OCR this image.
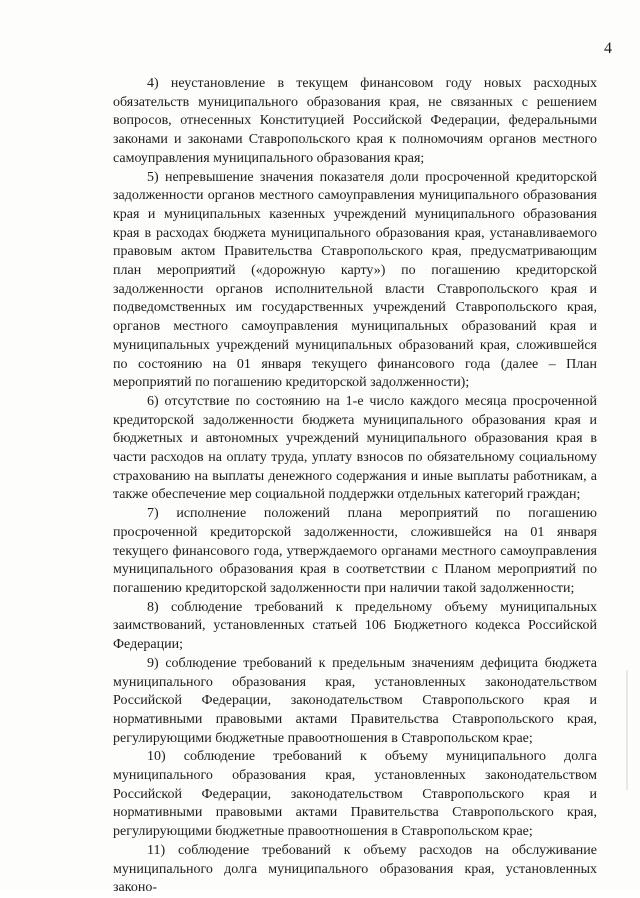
4

4) неустановление в текущем финансовом году новых расходных обязательств муниципального образования края, не связанных с решением вопросов, отнесенных Конституцией Российской Федерации, федеральными законами и законами Ставропольского края к полномочиям органов местного самоуправления муниципального образования края;

5) непревышение значения показателя доли просроченной кредиторской задолженности органов местного самоуправления муниципального образования края и муниципальных казенных учреждений муниципального образования края в расходах бюджета муниципального образования края, устанавливаемого правовым актом Правительства Ставропольского края, предусматривающим план мероприятий («дорожную карту») по погашению кредиторской задолженности органов исполнительной власти Ставропольского края и подведомственных им государственных учреждений Ставропольского края, органов местного самоуправления муниципальных образований края и муниципальных учреждений муниципальных образований края, сложившейся по состоянию на 01 января текущего финансового года (далее – План мероприятий по погашению кредиторской задолженности);

6) отсутствие по состоянию на 1-е число каждого месяца просроченной кредиторской задолженности бюджета муниципального образования края и бюджетных и автономных учреждений муниципального образования края в части расходов на оплату труда, уплату взносов по обязательному социальному страхованию на выплаты денежного содержания и иные выплаты работникам, а также обеспечение мер социальной поддержки отдельных категорий граждан;

7) исполнение положений плана мероприятий по погашению просроченной кредиторской задолженности, сложившейся на 01 января текущего финансового года, утверждаемого органами местного самоуправления муниципального образования края в соответствии с Планом мероприятий по погашению кредиторской задолженности при наличии такой задолженности;

8) соблюдение требований к предельному объему муниципальных заимствований, установленных статьей 106 Бюджетного кодекса Российской Федерации;

9) соблюдение требований к предельным значениям дефицита бюджета муниципального образования края, установленных законодательством Российской Федерации, законодательством Ставропольского края и нормативными правовыми актами Правительства Ставропольского края, регулирующими бюджетные правоотношения в Ставропольском крае;

10) соблюдение требований к объему муниципального долга муниципального образования края, установленных законодательством Российской Федерации, законодательством Ставропольского края и нормативными правовыми актами Правительства Ставропольского края, регулирующими бюджетные правоотношения в Ставропольском крае;

11) соблюдение требований к объему расходов на обслуживание муниципального долга муниципального образования края, установленных законо-
